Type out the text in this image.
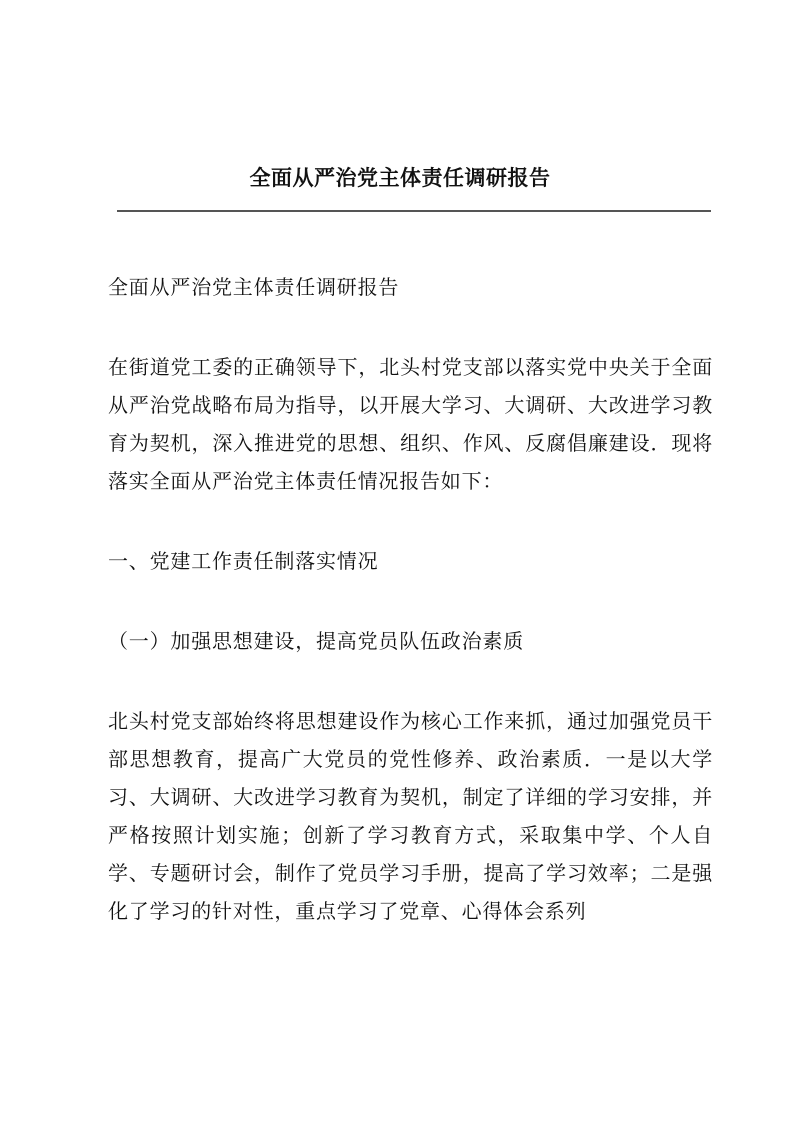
全面从严治党主体责任调研报告

全面从严治党主体责任调研报告

在街道党工委的正确领导下，北头村党支部以落实党中央关于全面从严治党战略布局为指导，以开展大学习、大调研、大改进学习教育为契机，深入推进党的思想、组织、作风、反腐倡廉建设．现将落实全面从严治党主体责任情况报告如下：

一、党建工作责任制落实情况

（一）加强思想建设，提高党员队伍政治素质

北头村党支部始终将思想建设作为核心工作来抓，通过加强党员干部思想教育，提高广大党员的党性修养、政治素质．一是以大学习、大调研、大改进学习教育为契机，制定了详细的学习安排，并严格按照计划实施；创新了学习教育方式，采取集中学、个人自学、专题研讨会，制作了党员学习手册，提高了学习效率；二是强化了学习的针对性，重点学习了党章、心得体会系列
